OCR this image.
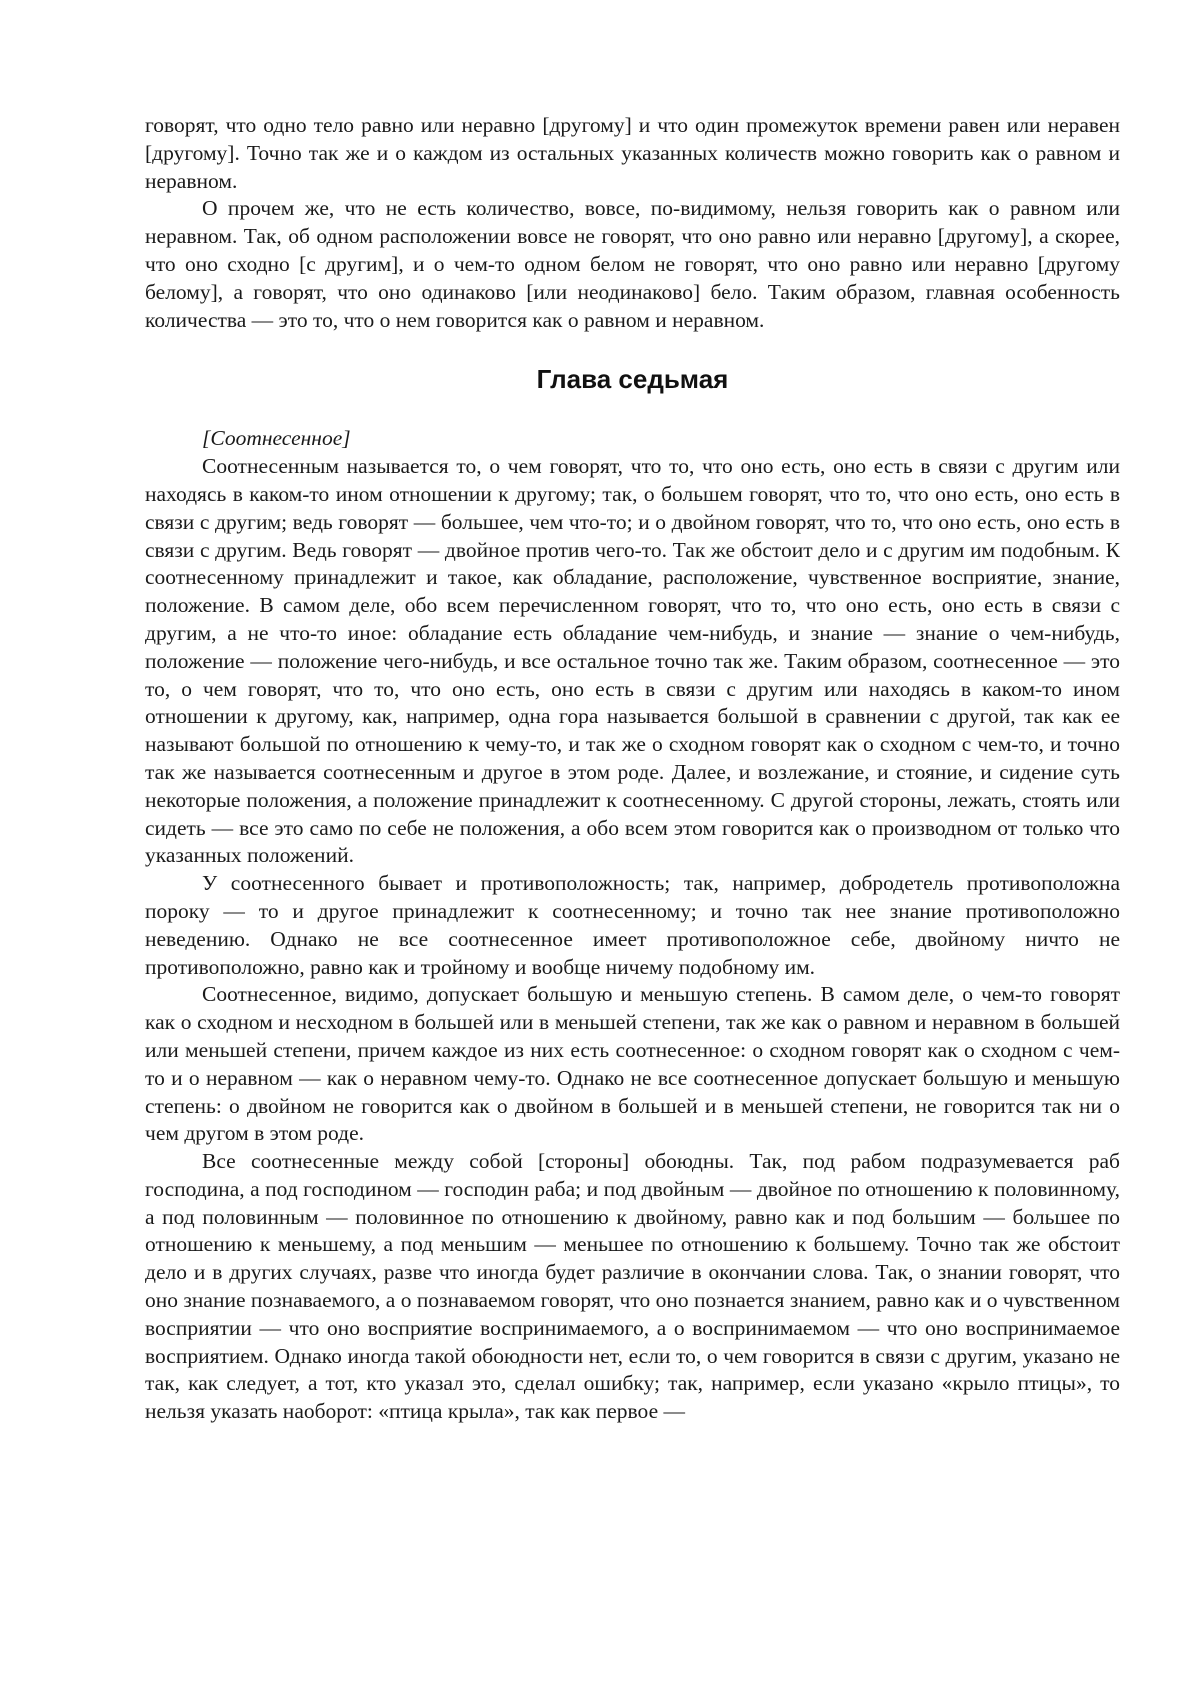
говорят, что одно тело равно или неравно [другому] и что один промежуток времени равен или неравен [другому]. Точно так же и о каждом из остальных указанных количеств можно говорить как о равном и неравном.

О прочем же, что не есть количество, вовсе, по-видимому, нельзя говорить как о равном или неравном. Так, об одном расположении вовсе не говорят, что оно равно или неравно [другому], а скорее, что оно сходно [с другим], и о чем-то одном белом не говорят, что оно равно или неравно [другому белому], а говорят, что оно одинаково [или неодинаково] бело. Таким образом, главная особенность количества — это то, что о нем говорится как о равном и неравном.

Глава седьмая

[Соотнесенное]

Соотнесенным называется то, о чем говорят, что то, что оно есть, оно есть в связи с другим или находясь в каком-то ином отношении к другому; так, о большем говорят, что то, что оно есть, оно есть в связи с другим; ведь говорят — большее, чем что-то; и о двойном говорят, что то, что оно есть, оно есть в связи с другим. Ведь говорят — двойное против чего-то. Так же обстоит дело и с другим им подобным. К соотнесенному принадлежит и такое, как обладание, расположение, чувственное восприятие, знание, положение. В самом деле, обо всем перечисленном говорят, что то, что оно есть, оно есть в связи с другим, а не что-то иное: обладание есть обладание чем-нибудь, и знание — знание о чем-нибудь, положение — положение чего-нибудь, и все остальное точно так же. Таким образом, соотнесенное — это то, о чем говорят, что то, что оно есть, оно есть в связи с другим или находясь в каком-то ином отношении к другому, как, например, одна гора называется большой в сравнении с другой, так как ее называют большой по отношению к чему-то, и так же о сходном говорят как о сходном с чем-то, и точно так же называется соотнесенным и другое в этом роде. Далее, и возлежание, и стояние, и сидение суть некоторые положения, а положение принадлежит к соотнесенному. С другой стороны, лежать, стоять или сидеть — все это само по себе не положения, а обо всем этом говорится как о производном от только что указанных положений.

У соотнесенного бывает и противоположность; так, например, добродетель противоположна пороку — то и другое принадлежит к соотнесенному; и точно так нее знание противоположно неведению. Однако не все соотнесенное имеет противоположное себе, двойному ничто не противоположно, равно как и тройному и вообще ничему подобному им.

Соотнесенное, видимо, допускает большую и меньшую степень. В самом деле, о чем-то говорят как о сходном и несходном в большей или в меньшей степени, так же как о равном и неравном в большей или меньшей степени, причем каждое из них есть соотнесенное: о сходном говорят как о сходном с чем-то и о неравном — как о неравном чему-то. Однако не все соотнесенное допускает большую и меньшую степень: о двойном не говорится как о двойном в большей и в меньшей степени, не говорится так ни о чем другом в этом роде.

Все соотнесенные между собой [стороны] обоюдны. Так, под рабом подразумевается раб господина, а под господином — господин раба; и под двойным — двойное по отношению к половинному, а под половинным — половинное по отношению к двойному, равно как и под большим — большее по отношению к меньшему, а под меньшим — меньшее по отношению к большему. Точно так же обстоит дело и в других случаях, разве что иногда будет различие в окончании слова. Так, о знании говорят, что оно знание познаваемого, а о познаваемом говорят, что оно познается знанием, равно как и о чувственном восприятии — что оно восприятие воспринимаемого, а о воспринимаемом — что оно воспринимаемое восприятием. Однако иногда такой обоюдности нет, если то, о чем говорится в связи с другим, указано не так, как следует, а тот, кто указал это, сделал ошибку; так, например, если указано «крыло птицы», то нельзя указать наоборот: «птица крыла», так как первое —
